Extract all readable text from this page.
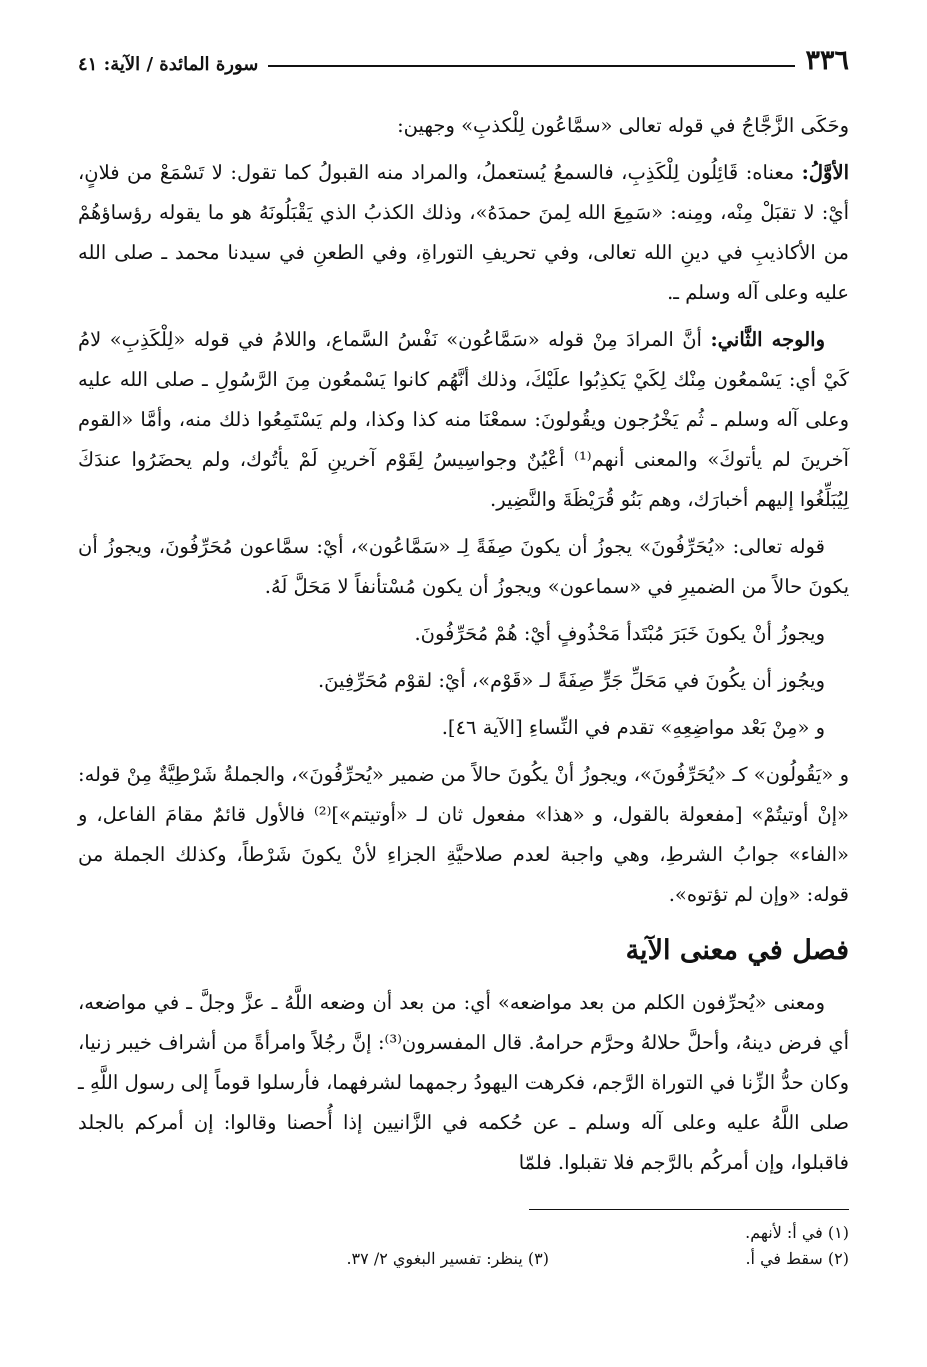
٣٣٦
سورة المائدة / الآية: ٤١

وحَكَى الزَّجَّاجُ في قوله تعالى «سمَّاعُون لِلْكذبِ» وجهين:

الأوَّلُ: معناه: قَائِلُون لِلْكَذِبِ، فالسمعُ يُستعملُ، والمراد منه القبولُ كما تقول: لا تَسْمَعْ من فلانٍ، أيْ: لا تقبَلْ مِنْه، ومِنه: «سَمِعَ الله لِمنَ حمدَهُ»، وذلك الكذبُ الذي يَقْبَلُونَهُ هو ما يقوله رؤساؤهُمْ من الأكاذيبِ في دينِ الله تعالى، وفي تحريفِ التوراةِ، وفي الطعنِ في سيدنا محمد ـ صلى الله عليه وعلى آله وسلم ـ.

والوجه الثَّاني: أنَّ المرادَ مِنْ قوله «سَمَّاعُون» نَفْسُ السَّماع، واللامُ في قوله «لِلْكَذِبِ» لامُ كَيْ أي: يَسْمعُون مِنْك لِكَيْ يَكذِبُوا علَيْكَ، وذلك أنَّهُم كانوا يَسْمعُون مِنَ الرَّسُولِ ـ صلى الله عليه وعلى آله وسلم ـ ثُم يَخْرُجون ويقُولونَ: سمعْنَا منه كذا وكذا، ولم يَسْتَمِعُوا ذلك منه، وأمَّا «القوم آخرينَ لم يأتوكَ» والمعنى أنهم⁽¹⁾ أعْيُنٌ وجواسِيسُ لِقَوْم آخرينِ لَمْ يأتُوك، ولم يحضَرُوا عندَكَ لِيُبَلِّغُوا إليهم أخبارَك، وهم بَنُو قُرَيْظَةَ والنَّضِير.

قوله تعالى: «يُحَرِّفُونَ» يجوزُ أن يكونَ صِفَةً لِـ «سَمَّاعُون»، أيْ: سمَّاعون مُحَرِّفُونَ، ويجوزُ أن يكونَ حالاً من الضميرِ في «سماعون» ويجوزُ أن يكون مُسْتأنفاً لا مَحَلَّ لَهُ.

ويجوزُ أنْ يكونَ خَبَرَ مُبْتَدأ مَحْذُوفٍ أيْ: هُمْ مُحَرِّفُونَ.

ويجُوز أن يكُونَ في مَحَلِّ جَرٍّ صِفَةً لـ «قَوْم»، أيْ: لقوْم مُحَرِّفِينَ.

و «مِنْ بَعْد مواضِعِهِ» تقدم في النِّساءِ [الآية ٤٦].

و «يَقُولُون» كـ «يُحَرِّفُونَ»، ويجوزُ أنْ يكُونَ حالاً من ضمير «يُحرِّفُونَ»، والجملةُ شَرْطِيَّةٌ مِنْ قوله: «إنْ أوتيتُمْ» [مفعولة بالقول، و «هذا» مفعول ثان لـ «أوتيتم»]⁽²⁾ فالأول قائمٌ مقامَ الفاعل، و «الفاء» جوابُ الشرطِ، وهي واجبة لعدم صلاحيَّةِ الجزاءِ لأنْ يكونَ شَرْطاً، وكذلك الجملة من قوله: «وإن لم تؤتوه».

فصل في معنى الآية

ومعنى «يُحرِّفون الكلم من بعد مواضعه» أي: من بعد أن وضعه اللَّهُ ـ عزَّ وجلَّ ـ في مواضعه، أي فرض دينهُ، وأحلَّ حلالهُ وحرَّم حرامهُ. قال المفسرون⁽³⁾: إنَّ رجُلاً وامرأةً من أشراف خيبر زنيا، وكان حدُّ الزِّنا في التوراة الرَّجم، فكرهت اليهودُ رجمهما لشرفهما، فأرسلوا قوماً إلى رسول اللَّهِ ـ صلى اللَّهُ عليه وعلى آله وسلم ـ عن حُكمه في الزَّانيين إذا أُحصنا وقالوا: إن أمركم بالجلد فاقبلوا، وإن أمركُم بالرَّجم فلا تقبلوا. فلمّا

(١) في أ: لأنهم.
(٢) سقط في أ.
(٣) ينظر: تفسير البغوي ٢/ ٣٧.
